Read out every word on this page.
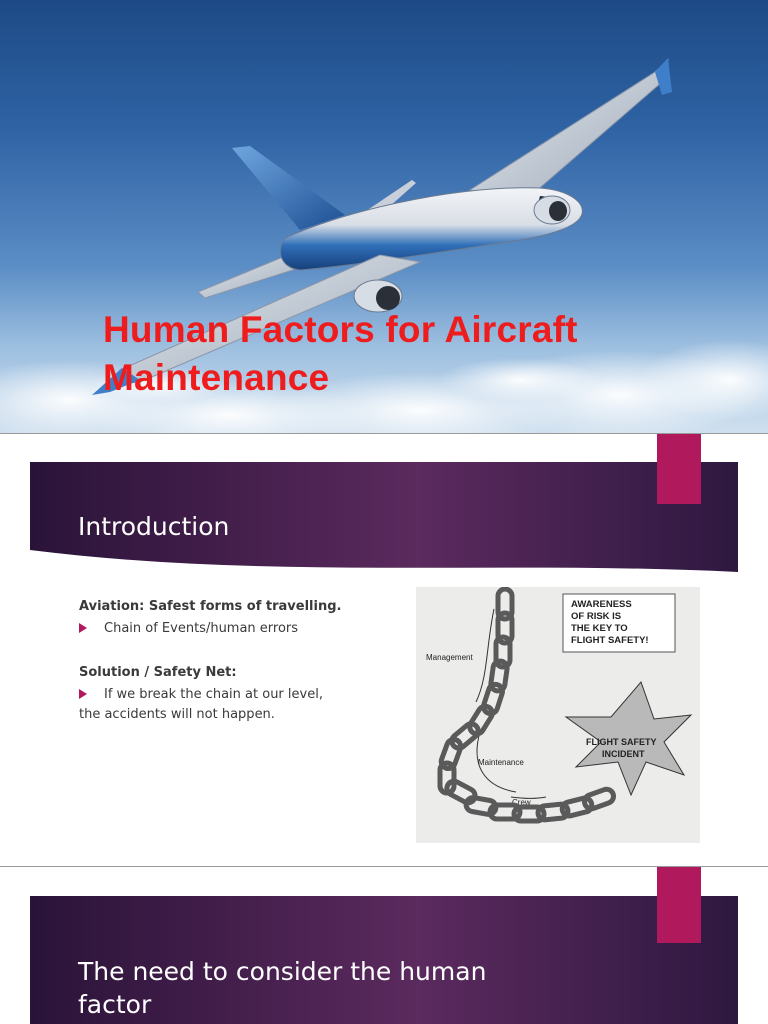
Human Factors for Aircraft
Maintenance
Introduction

Aviation: Safest forms of travelling.

Chain of Events/human errors

Solution / Safety Net:

If we break the chain at our level,

the accidents will not happen.

AWARENESS
OF RISK IS
THE KEY TO
FLIGHT SAFETY!
Management
Maintenance
Crew
FLIGHT SAFETY
INCIDENT
The need to consider the human
factor
